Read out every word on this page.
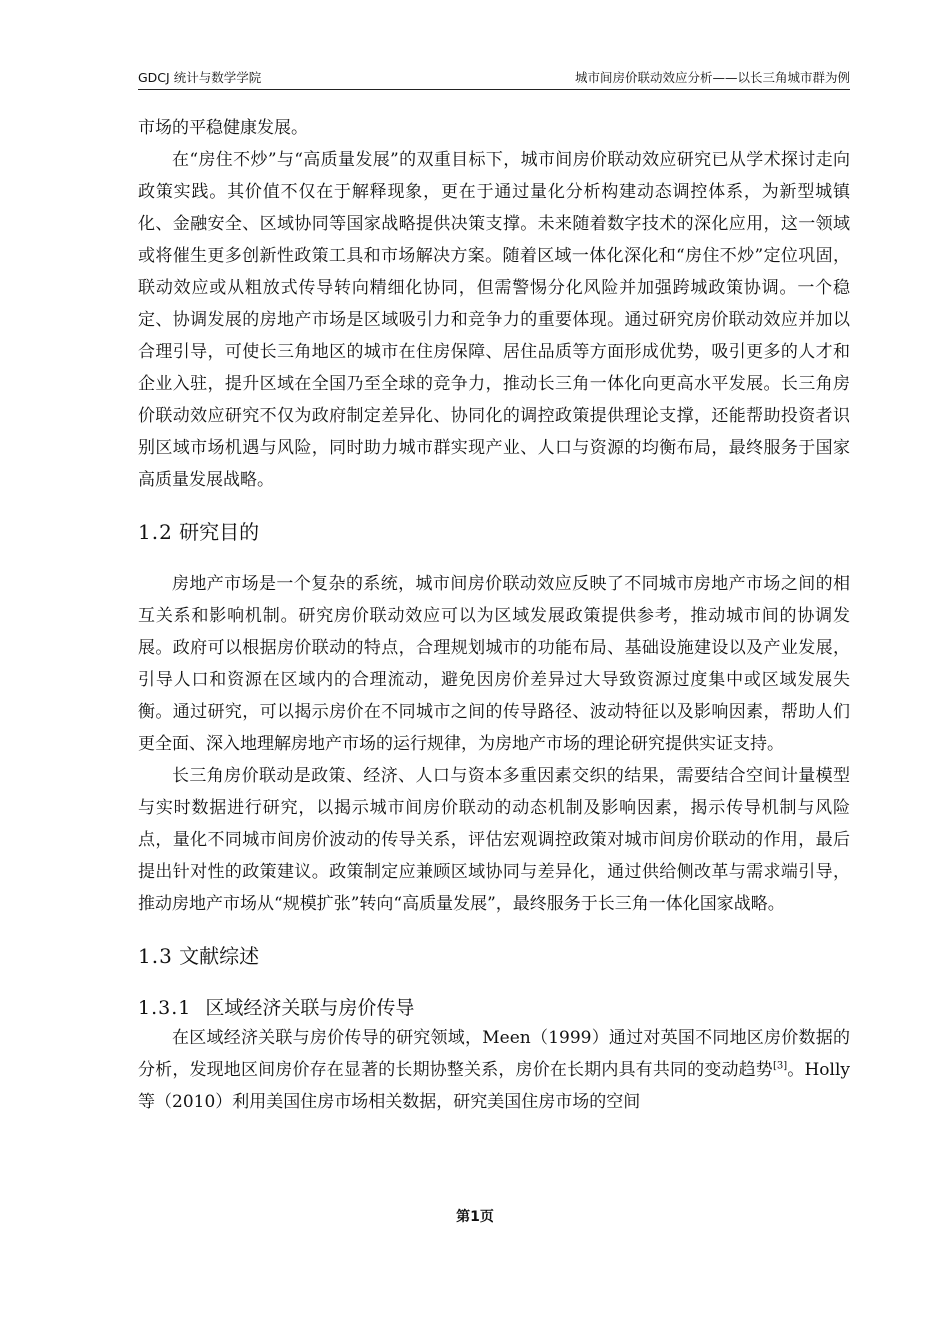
GDCJ 统计与数学学院	城市间房价联动效应分析——以长三角城市群为例

市场的平稳健康发展。

在“房住不炒”与“高质量发展”的双重目标下，城市间房价联动效应研究已从学术探讨走向政策实践。其价值不仅在于解释现象，更在于通过量化分析构建动态调控体系，为新型城镇化、金融安全、区域协同等国家战略提供决策支撑。未来随着数字技术的深化应用，这一领域或将催生更多创新性政策工具和市场解决方案。随着区域一体化深化和“房住不炒”定位巩固，联动效应或从粗放式传导转向精细化协同，但需警惕分化风险并加强跨城政策协调。一个稳定、协调发展的房地产市场是区域吸引力和竞争力的重要体现。通过研究房价联动效应并加以合理引导，可使长三角地区的城市在住房保障、居住品质等方面形成优势，吸引更多的人才和企业入驻，提升区域在全国乃至全球的竞争力，推动长三角一体化向更高水平发展。长三角房价联动效应研究不仅为政府制定差异化、协同化的调控政策提供理论支撑，还能帮助投资者识别区域市场机遇与风险，同时助力城市群实现产业、人口与资源的均衡布局，最终服务于国家高质量发展战略。

1.2 研究目的

房地产市场是一个复杂的系统，城市间房价联动效应反映了不同城市房地产市场之间的相互关系和影响机制。研究房价联动效应可以为区域发展政策提供参考，推动城市间的协调发展。政府可以根据房价联动的特点，合理规划城市的功能布局、基础设施建设以及产业发展，引导人口和资源在区域内的合理流动，避免因房价差异过大导致资源过度集中或区域发展失衡。通过研究，可以揭示房价在不同城市之间的传导路径、波动特征以及影响因素，帮助人们更全面、深入地理解房地产市场的运行规律，为房地产市场的理论研究提供实证支持。

长三角房价联动是政策、经济、人口与资本多重因素交织的结果，需要结合空间计量模型与实时数据进行研究，以揭示城市间房价联动的动态机制及影响因素，揭示传导机制与风险点，量化不同城市间房价波动的传导关系，评估宏观调控政策对城市间房价联动的作用，最后提出针对性的政策建议。政策制定应兼顾区域协同与差异化，通过供给侧改革与需求端引导，推动房地产市场从“规模扩张”转向“高质量发展”，最终服务于长三角一体化国家战略。

1.3 文献综述
1.3.1 区域经济关联与房价传导

在区域经济关联与房价传导的研究领域，Meen（1999）通过对英国不同地区房价数据的分析，发现地区间房价存在显著的长期协整关系，房价在长期内具有共同的变动趋势[3]。Holly 等（2010）利用美国住房市场相关数据，研究美国住房市场的空间

第1页
